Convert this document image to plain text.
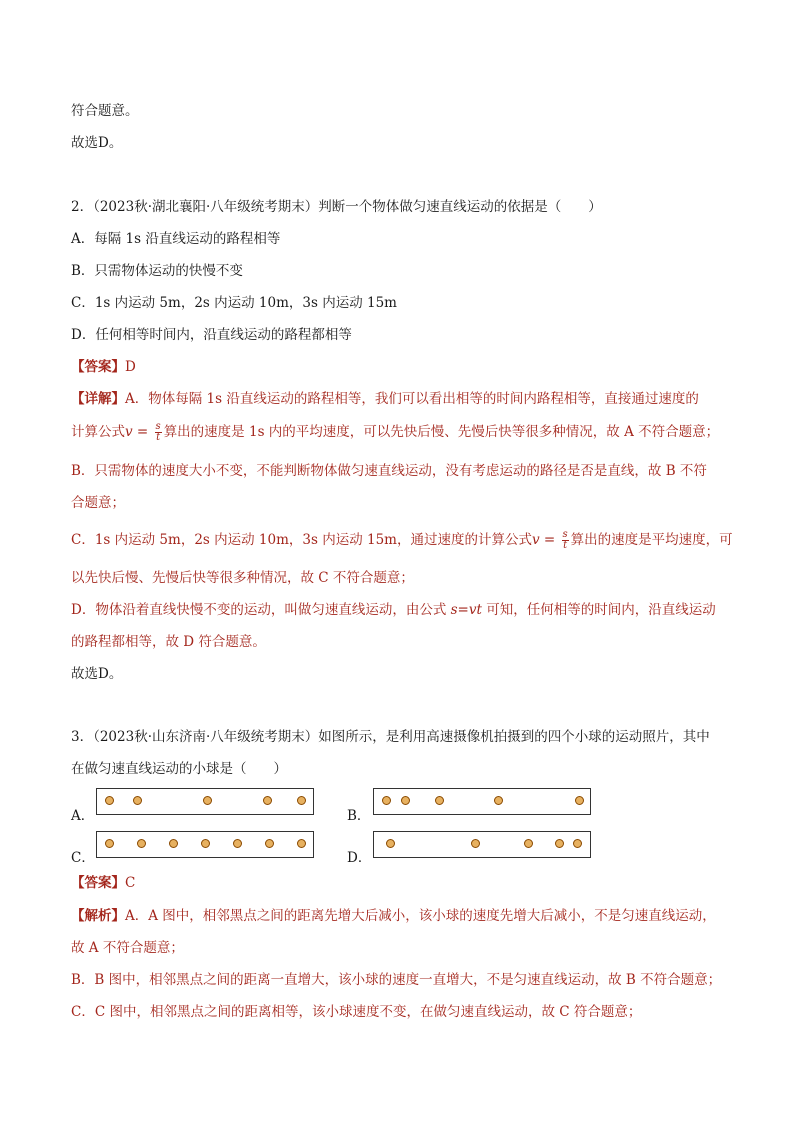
符合题意。
故选D。
2．（2023秋·湖北襄阳·八年级统考期末）判断一个物体做匀速直线运动的依据是（　　）
A．每隔 1s 沿直线运动的路程相等
B．只需物体运动的快慢不变
C．1s 内运动 5m，2s 内运动 10m，3s 内运动 15m
D．任何相等时间内，沿直线运动的路程都相等
【答案】D
【详解】A．物体每隔 1s 沿直线运动的路程相等，我们可以看出相等的时间内路程相等，直接通过速度的
计算公式$v = \frac{s}{t}$ 算出的速度是 1s 内的平均速度，可以先快后慢、先慢后快等很多种情况，故 A 不符合题意；
B．只需物体的速度大小不变，不能判断物体做匀速直线运动，没有考虑运动的路径是否是直线，故 B 不符
合题意；
C．1s 内运动 5m，2s 内运动 10m，3s 内运动 15m，通过速度的计算公式$v = \frac{s}{t}$ 算出的速度是平均速度，可
以先快后慢、先慢后快等很多种情况，故 C 不符合题意；
D．物体沿着直线快慢不变的运动，叫做匀速直线运动，由公式 s=vt 可知，任何相等的时间内，沿直线运动
的路程都相等，故 D 符合题意。
故选D。
3．（2023秋·山东济南·八年级统考期末）如图所示，是利用高速摄像机拍摄到的四个小球的运动照片，其中
在做匀速直线运动的小球是（　　）
A．	B．
C．	D．
【答案】C
【解析】A．A 图中，相邻黑点之间的距离先增大后减小，该小球的速度先增大后减小，不是匀速直线运动，
故 A 不符合题意；
B．B 图中，相邻黑点之间的距离一直增大，该小球的速度一直增大，不是匀速直线运动，故 B 不符合题意；
C．C 图中，相邻黑点之间的距离相等，该小球速度不变，在做匀速直线运动，故 C 符合题意；
